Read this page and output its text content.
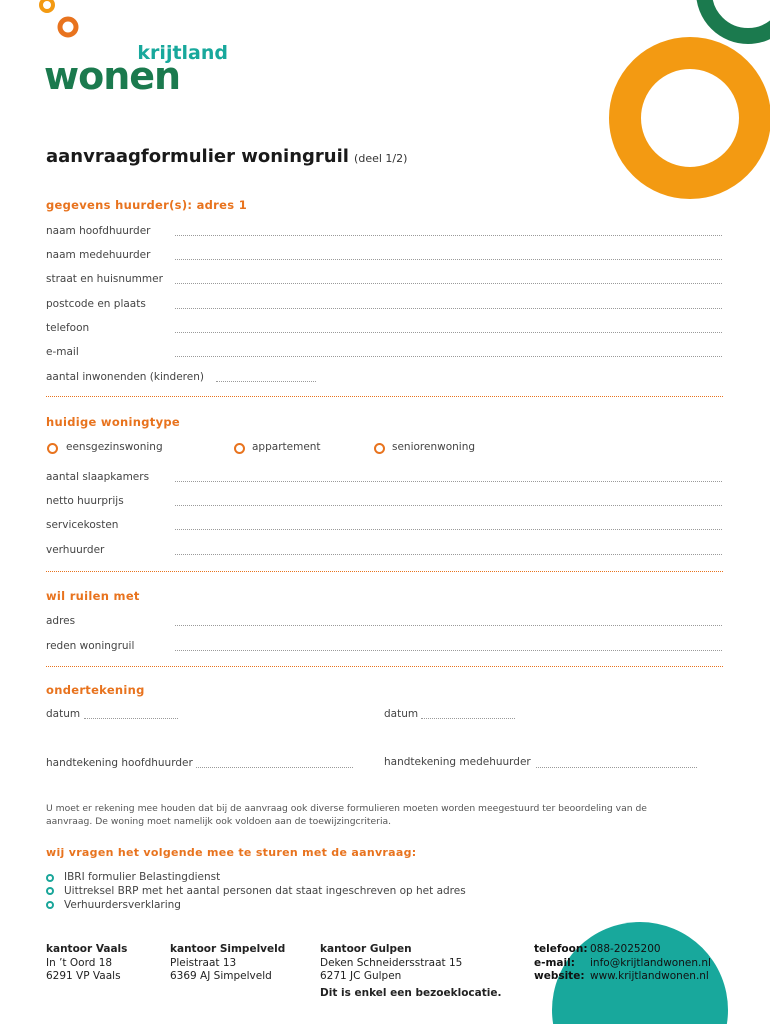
krijtland
wonen
aanvraagformulier woningruil (deel 1/2)
gegevens huurder(s): adres 1
naam hoofdhuurder
naam medehuurder
straat en huisnummer
postcode en plaats
telefoon
e-mail
aantal inwonenden (kinderen)
huidige woningtype
eensgezinswoning	appartement	seniorenwoning
aantal slaapkamers
netto huurprijs
servicekosten
verhuurder
wil ruilen met
adres
reden woningruil
ondertekening
datum	datum
handtekening hoofdhuurder	handtekening medehuurder
U moet er rekening mee houden dat bij de aanvraag ook diverse formulieren moeten worden meegestuurd ter beoordeling van de
aanvraag. De woning moet namelijk ook voldoen aan de toewijzingcriteria.
wij vragen het volgende mee te sturen met de aanvraag:
IBRI formulier Belastingdienst
Uittreksel BRP met het aantal personen dat staat ingeschreven op het adres
Verhuurdersverklaring
kantoor Vaals
In ’t Oord 18
6291 VP Vaals
kantoor Simpelveld
Pleistraat 13
6369 AJ Simpelveld
kantoor Gulpen
Deken Schneidersstraat 15
6271 JC Gulpen
Dit is enkel een bezoeklocatie.
telefoon: 088-2025200
e-mail: info@krijtlandwonen.nl
website: www.krijtlandwonen.nl
